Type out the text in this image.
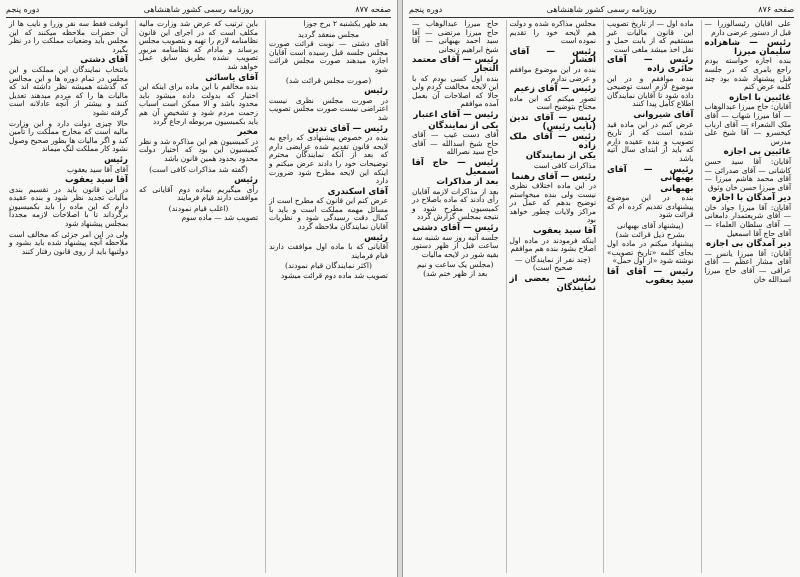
صفحه ۸۷۷
روزنامه رسمی کشور شاهنشاهی
دوره پنجم

بعد ظهر یکشنبه ۲ برج جوزا

مجلس منعقد گردید

آقای دشتی — نوبت قرائت صورت مجلس جلسه قبل رسیده است آقایان اجازه میدهند صورت مجلس قرائت شود

(صورت مجلس قرائت شد)

رئیس

در صورت مجلس نظری نیست اعتراضی نیست صورت مجلس تصویب شد

رئیس — آقای تدین

بنده در خصوص پیشنهادی که راجع به لایحه قانون تقدیم شده عرایضی دارم که بعد از آنکه نمایندگان محترم توضیحات خود را دادند عرض میکنم و اینکه این لایحه مطرح شود ضرورت دارد

آقای اسکندری

عرض کنم این قانون که مطرح است از مسائل مهمه مملکت است و باید با کمال دقت رسیدگی شود و نظریات آقایان نمایندگان ملاحظه گردد

رئیس

آقایانی که با ماده اول موافقت دارند قیام فرمایند

(اکثر نمایندگان قیام نمودند)

تصویب شد ماده دوم قرائت میشود

باین ترتیب که عرض شد وزارت مالیه مکلف است که در اجرای این قانون نظامنامه لازم را تهیه و بتصویب مجلس برساند و مادام که نظامنامه مزبور تصویب نشده بطریق سابق عمل خواهد شد

آقای یاسائی

بنده مخالفم با این ماده برای اینکه این اختیار که بدولت داده میشود باید محدود باشد و الا ممکن است اسباب زحمت مردم شود و تشخیص آن هم باید بکمیسیون مربوطه ارجاع گردد

مخبر

در کمیسیون هم این مذاکره شد و نظر کمیسیون این بود که اختیار دولت محدود بحدود همین قانون باشد

(گفته شد مذاکرات کافی است)

رئیس

رأی میگیریم بماده دوم آقایانی که موافقت دارند قیام فرمایند

(اغلب قیام نمودند)

تصویب شد — ماده سوم

آنوقت فقط سه نفر وزرا و نایب ها از آن حضرات ملاحظه میکنند که این مجلس باید وضعیات مملکت را در نظر بگیرد

آقای دشتی

بانتخاب نمایندگان این مملکت و این مجلس در تمام دوره ها و این مجالس که گذشته همیشه نظر داشته اند که مالیات ها را که مردم میدهند تعدیل کنند و بیشتر از آنچه عادلانه است گرفته نشود

حالا چیزی دولت دارد و این وزارت مالیه است که مخارج مملکت را تأمین کند و اگر مالیات ها بطور صحیح وصول نشود کار مملکت لنگ میماند

رئیس

آقای آقا سید یعقوب

آقا سید یعقوب

در این قانون باید در تقسیم بندی مالیات تجدید نظر شود و بنده عقیده دارم که این ماده را باید بکمیسیون برگرداند تا با اصلاحات لازمه مجدداً بمجلس پیشنهاد شود

ولی در این امر جزئی که مخالف است ملاحظه آنچه پیشنهاد شده باید بشود و دولتیها باید از روی قانون رفتار کنند

صفحه ۸۷۶
روزنامه رسمی کشور شاهنشاهی
دوره پنجم

علی آقایان رئیسالوزرا — قبل از دستور عرضی دارم

رئیس — شاهزاده سلیمان میرزا

بنده اجازه خواسته بودم راجع بامری که در جلسه قبل پیشنهاد شده بود چند کلمه عرض کنم

غائبین با اجازه

آقایان: حاج میرزا عبدالوهاب — آقا میرزا شهاب — آقای ملک الشعراء — آقای ارباب کیخسرو — آقا شیخ علی مدرس

غائبین بی اجازه

آقایان: آقا سید حسن کاشانی — آقای صدرائی — آقای محمد هاشم میرزا — آقای میرزا حسن خان وثوق

دیر آمدگان با اجازه

آقایان: آقا میرزا جواد خان — آقای شریعتمدار دامغانی — آقای سلطان العلماء — آقای حاج آقا اسمعیل

دیر آمدگان بی اجازه

آقایان: آقا میرزا یانس — آقای مشار اعظم — آقای عراقی — آقای حاج میرزا اسدالله خان

ماده اول — از تاریخ تصویب این قانون مالیات غیر مستقیم که از بابت حمل و نقل اخذ میشد ملغی است

رئیس — آقای حائری زاده

بنده موافقم و در این موضوع لازم است توضیحی داده شود تا آقایان نمایندگان اطلاع کامل پیدا کنند

آقای شیروانی

عرض کنم در این ماده قید شده است که از تاریخ تصویب و بنده عقیده دارم که باید از ابتدای سال آتیه باشد

رئیس — آقای بهبهانی

بهبهانی

بنده در این موضوع پیشنهادی تقدیم کرده ام که قرائت شود

(پیشنهاد آقای بهبهانی بشرح ذیل قرائت شد)

پیشنهاد میکنم در ماده اول بجای کلمه «تاریخ تصویب» نوشته شود «از اول حمل»

رئیس — آقای آقا سید یعقوب

مجلس مذاکره شده و دولت هم لایحه خود را تقدیم نموده است

رئیس — آقای افشار

بنده در این موضوع موافقم و عرضی ندارم

رئیس — آقای زعیم

تصور میکنم که این ماده محتاج بتوضیح است

رئیس — آقای تدین (نایب رئیس)

رئیس — آقای ملک زاده

یکی از نمایندگان

مذاکرات کافی است

رئیس — آقای رهنما

در این ماده اختلاف نظری نیست ولی بنده میخواستم توضیح بدهم که عمل در مراکز ولایات چطور خواهد بود

آقا سید یعقوب

اینکه فرمودند در ماده اول اصلاح بشود بنده هم موافقم

(چند نفر از نمایندگان — صحیح است)

رئیس — بعضی از نمایندگان

حاج میرزا عبدالوهاب — حاج میرزا مرتضی — آقا سید احمد بهبهانی — آقا شیخ ابراهیم زنجانی

رئیس — آقای معتمد التجار

بنده اول کسی بودم که با این لایحه مخالفت کردم ولی حالا که اصلاحات آن بعمل آمده موافقم

رئیس — آقای اعتبار

یکی از نمایندگان

آقای دست غیب — آقای حاج شیخ اسدالله — آقای حاج سید نصرالله

رئیس — حاج آقا اسمعیل

بعد از مذاکرات

بعد از مذاکرات لازمه آقایان رأی دادند که ماده باصلاح در کمیسیون مطرح شود و نتیجه بمجلس گزارش گردد

رئیس — آقای دشتی

جلسه آتیه روز سه شنبه سه ساعت قبل از ظهر دستور بقیه شور در لایحه مالیات

(مجلس یک ساعت و نیم بعد از ظهر ختم شد)
